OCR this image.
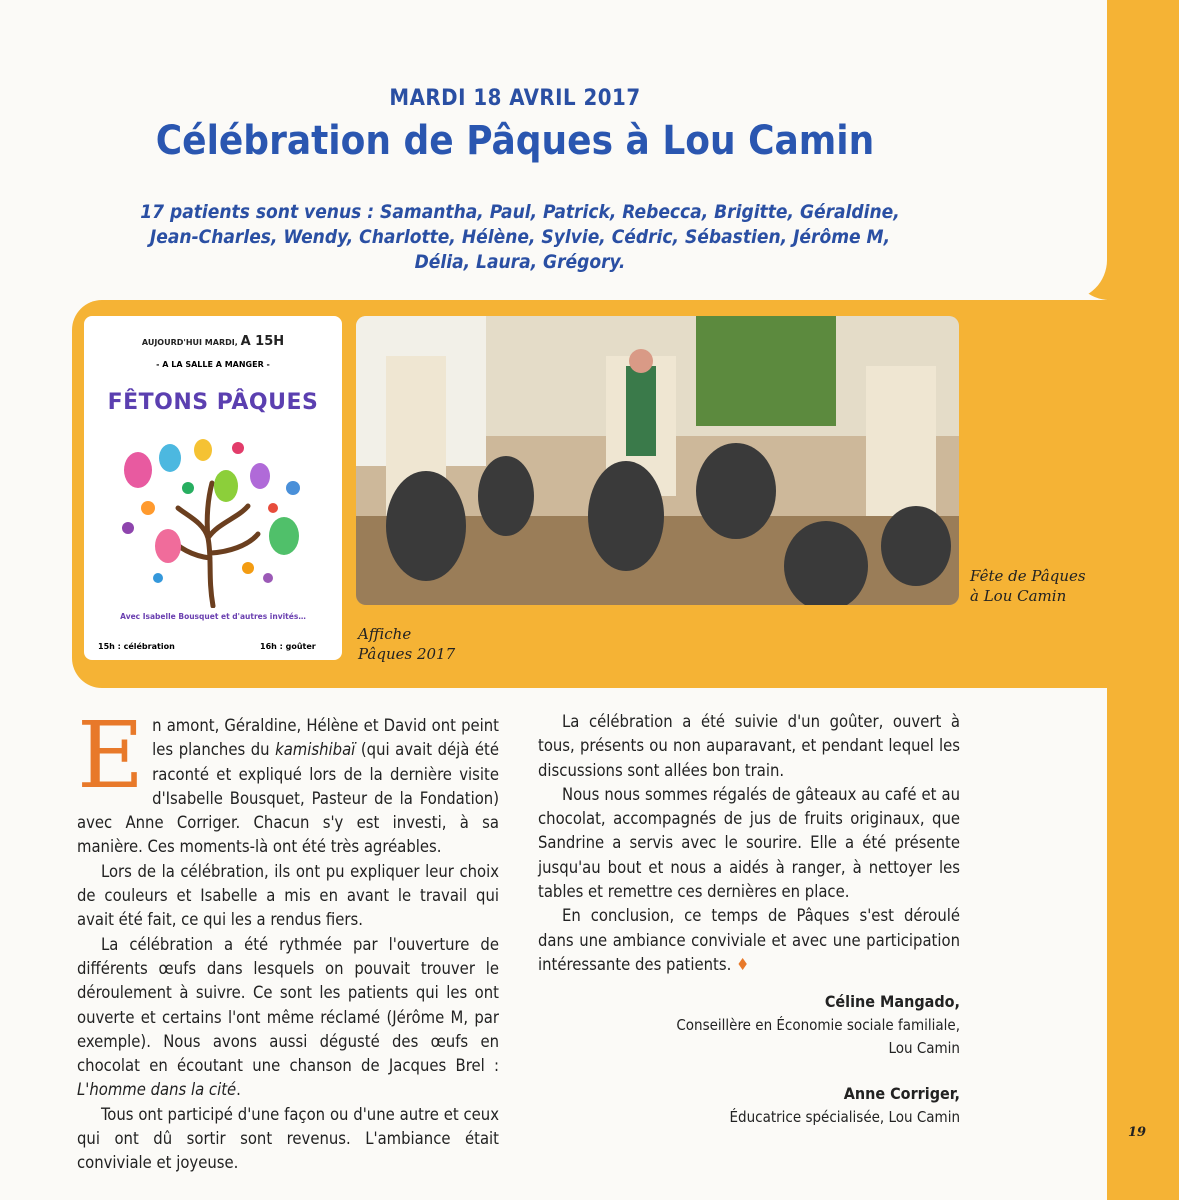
MARDI 18 AVRIL 2017
Célébration de Pâques à Lou Camin
17 patients sont venus : Samantha, Paul, Patrick, Rebecca, Brigitte, Géraldine, Jean-Charles, Wendy, Charlotte, Hélène, Sylvie, Cédric, Sébastien, Jérôme M, Délia, Laura, Grégory.
AUJOURD'HUI MARDI, A 15H
- A LA SALLE A MANGER -
FÊTONS PÂQUES
Avec Isabelle Bousquet et d'autres invités…
15h : célébration	16h : goûter
Affiche
Pâques 2017
Fête de Pâques
à Lou Camin

En amont, Géraldine, Hélène et David ont peint les planches du kamishibaï (qui avait déjà été raconté et expliqué lors de la dernière visite d'Isabelle Bousquet, Pasteur de la Fondation) avec Anne Corriger. Chacun s'y est investi, à sa manière. Ces moments-là ont été très agréables.

Lors de la célébration, ils ont pu expliquer leur choix de couleurs et Isabelle a mis en avant le travail qui avait été fait, ce qui les a rendus fiers.

La célébration a été rythmée par l'ouverture de différents œufs dans lesquels on pouvait trouver le déroulement à suivre. Ce sont les patients qui les ont ouverte et certains l'ont même réclamé (Jérôme M, par exemple). Nous avons aussi dégusté des œufs en chocolat en écoutant une chanson de Jacques Brel : L'homme dans la cité.

Tous ont participé d'une façon ou d'une autre et ceux qui ont dû sortir sont revenus. L'ambiance était conviviale et joyeuse.

La célébration a été suivie d'un goûter, ouvert à tous, présents ou non auparavant, et pendant lequel les discussions sont allées bon train.

Nous nous sommes régalés de gâteaux au café et au chocolat, accompagnés de jus de fruits originaux, que Sandrine a servis avec le sourire. Elle a été présente jusqu'au bout et nous a aidés à ranger, à nettoyer les tables et remettre ces dernières en place.

En conclusion, ce temps de Pâques s'est déroulé dans une ambiance conviviale et avec une participation intéressante des patients. ♦

Céline Mangado,
Conseillère en Économie sociale familiale,
Lou Camin
Anne Corriger,
Éducatrice spécialisée, Lou Camin
19
